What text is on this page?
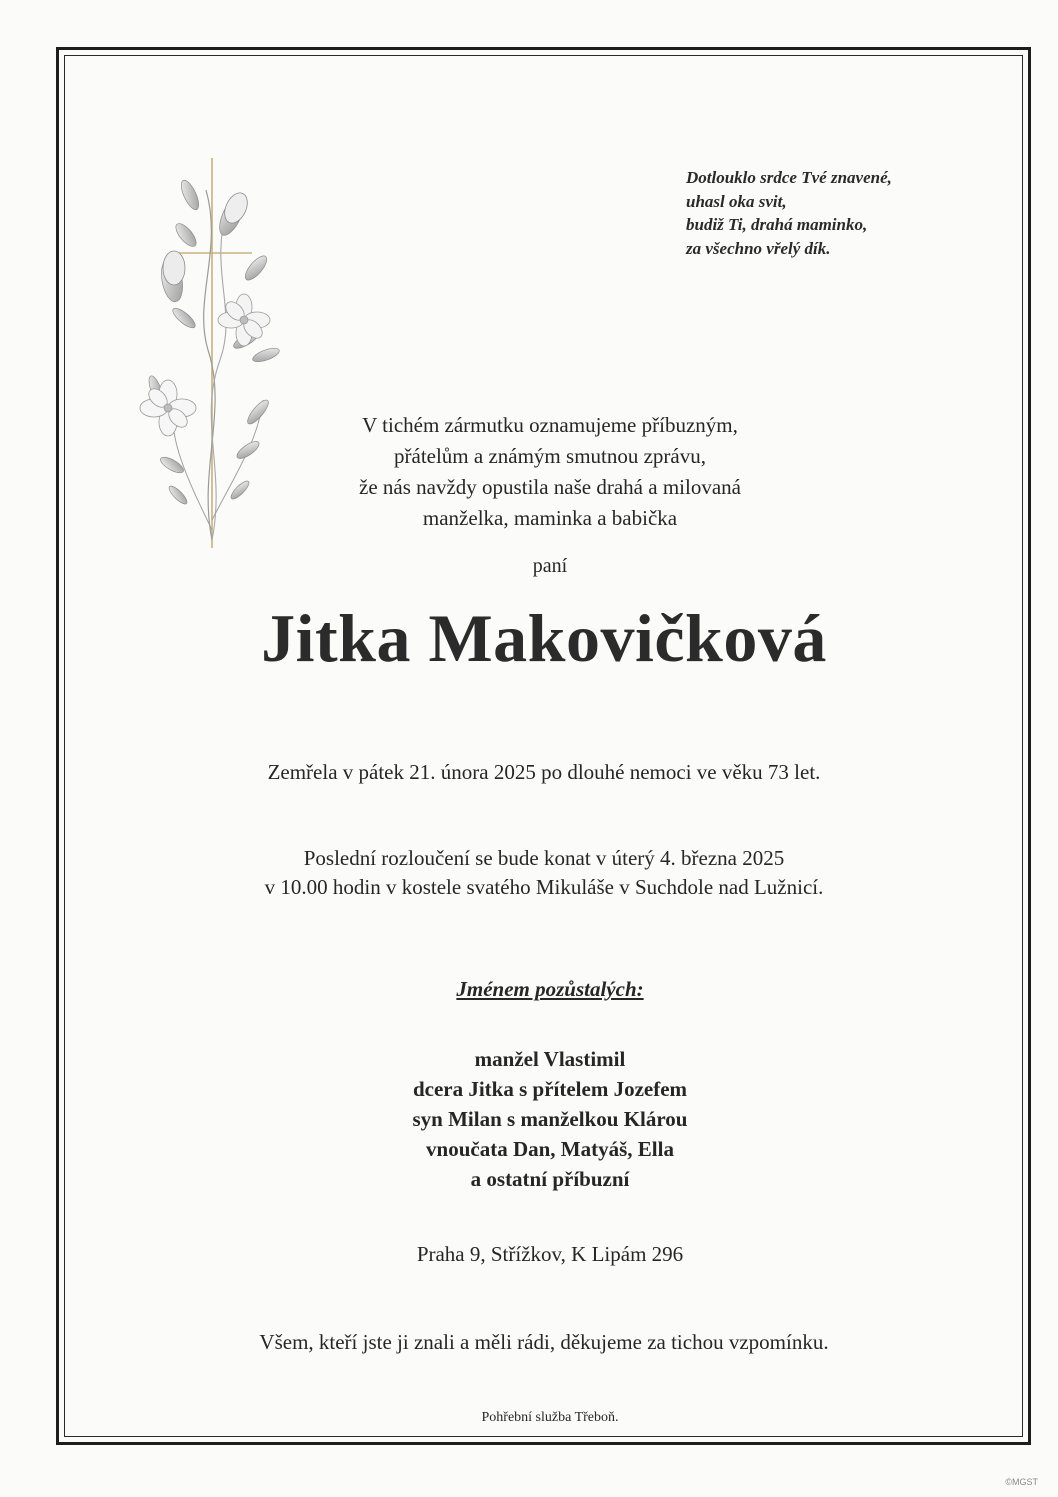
Dotlouklo srdce Tvé znavené,
uhasl oka svit,
budiž Ti, drahá maminko,
za všechno vřelý dík.
V tichém zármutku oznamujeme příbuzným,
přátelům a známým smutnou zprávu,
že nás navždy opustila naše drahá a milovaná
manželka, maminka a babička
paní
Jitka Makovičková
Zemřela v pátek 21. února 2025 po dlouhé nemoci ve věku 73 let.
Poslední rozloučení se bude konat v úterý 4. března 2025
v 10.00 hodin v kostele svatého Mikuláše v Suchdole nad Lužnicí.
Jménem pozůstalých:
manžel Vlastimil
dcera Jitka s přítelem Jozefem
syn Milan s manželkou Klárou
vnoučata Dan, Matyáš, Ella
a ostatní příbuzní
Praha 9, Střížkov, K Lipám 296
Všem, kteří jste ji znali a měli rádi, děkujeme za tichou vzpomínku.
Pohřební služba Třeboň.
©MGST
